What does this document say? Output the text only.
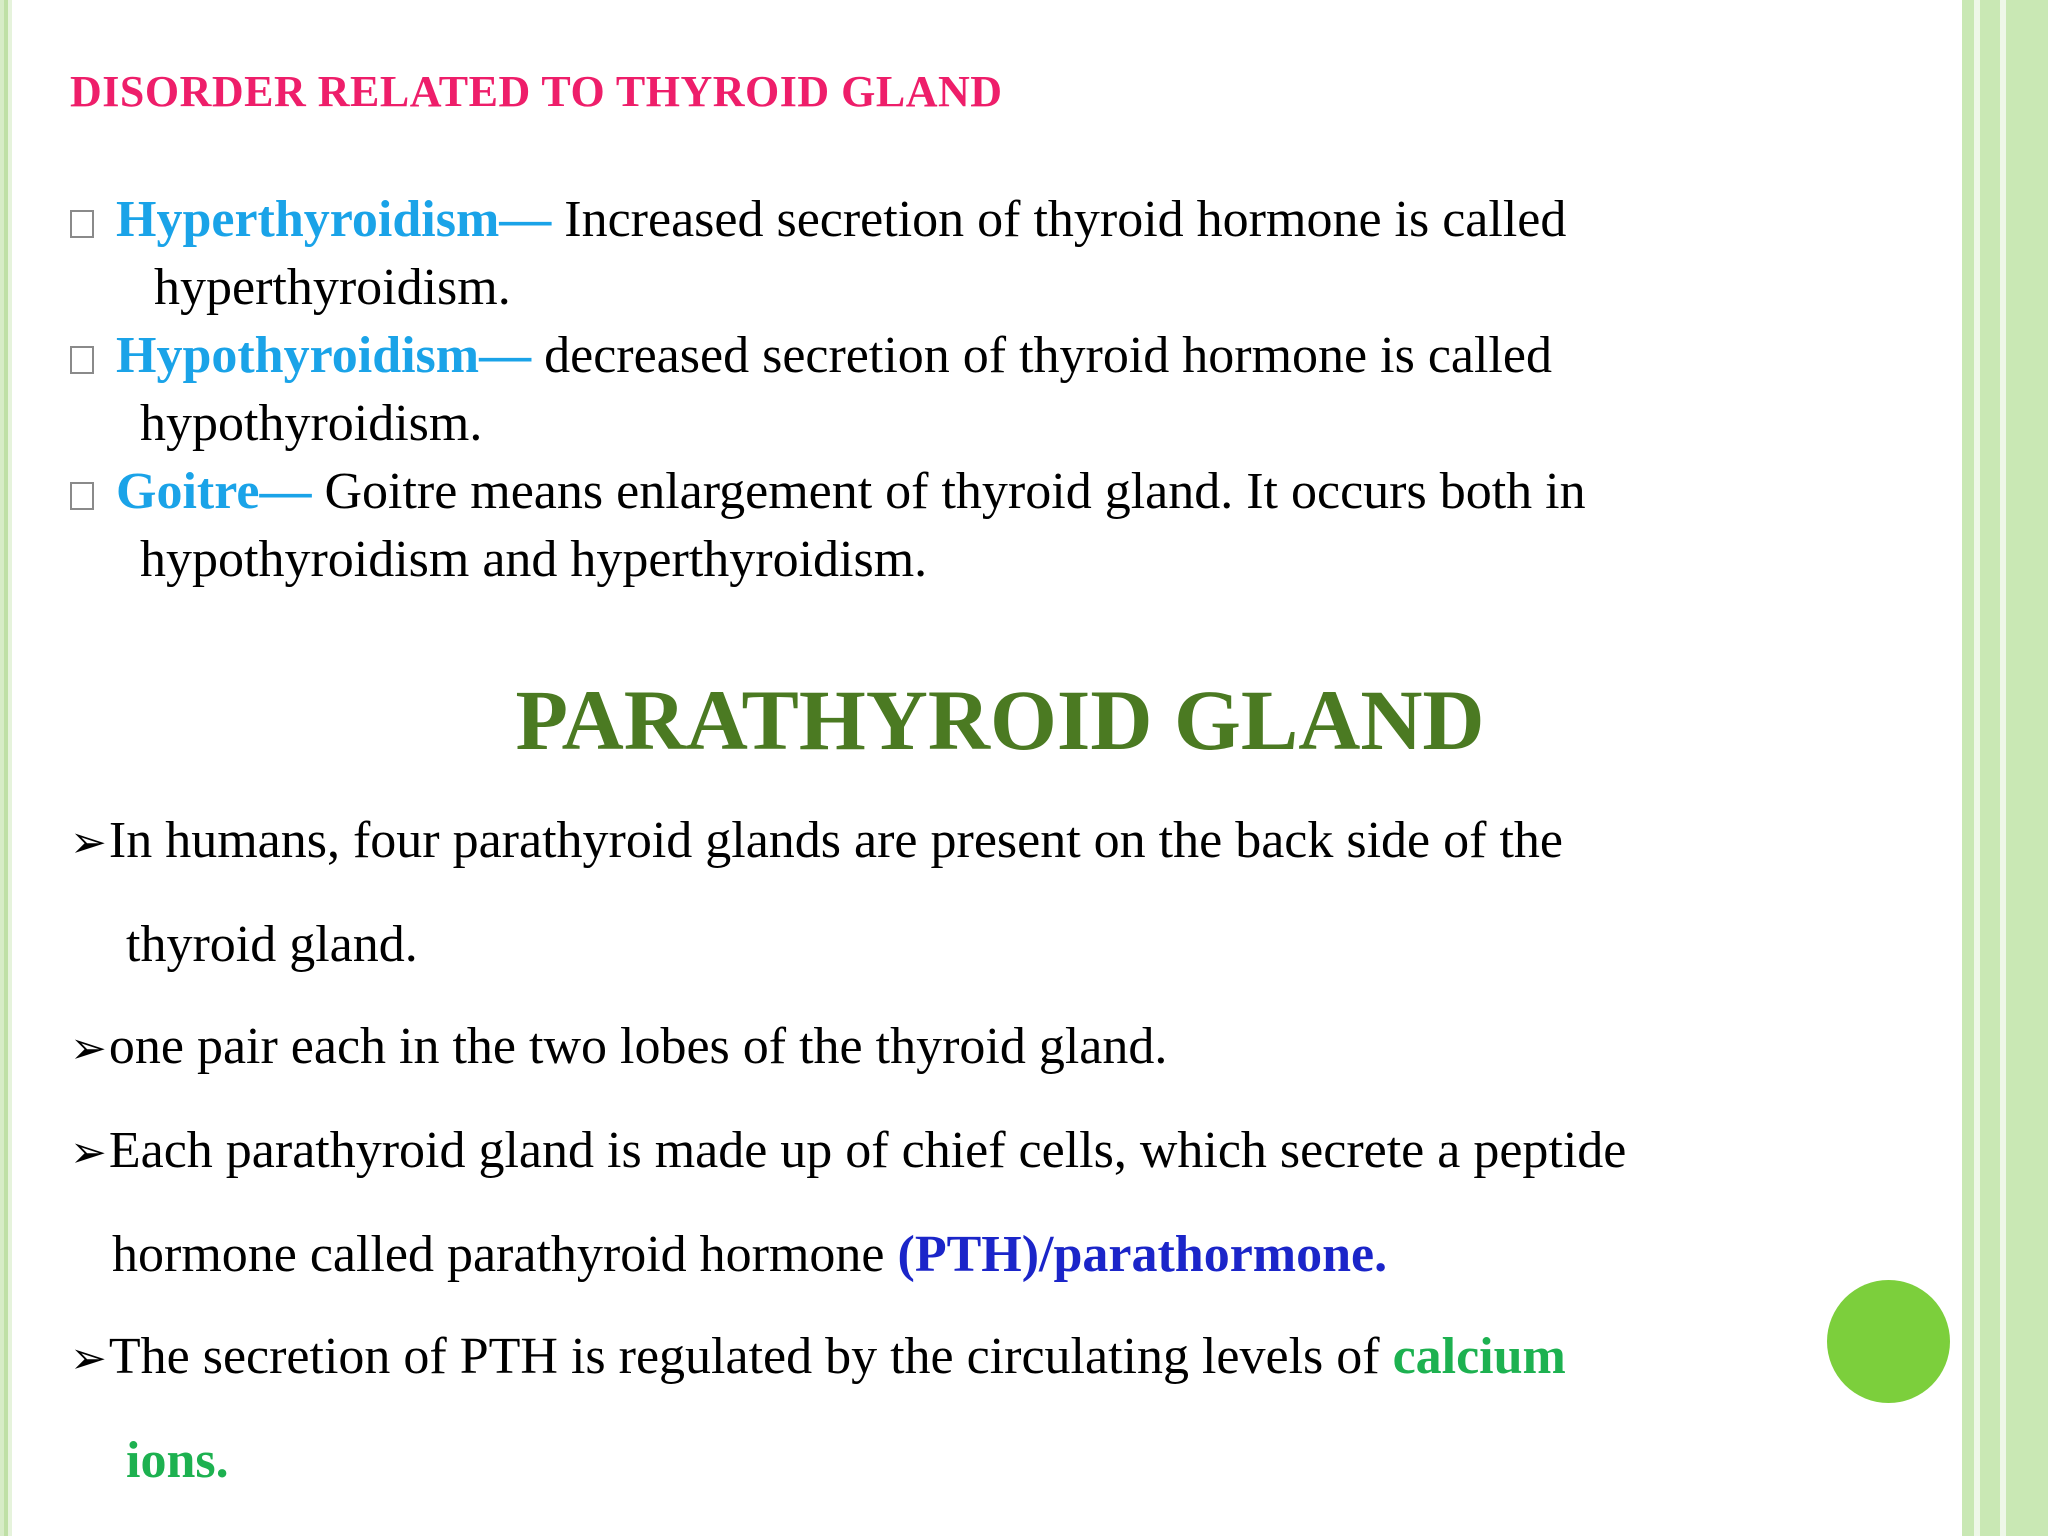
DISORDER RELATED TO THYROID GLAND
Hyperthyroidism— Increased secretion of thyroid hormone is called
hyperthyroidism.
Hypothyroidism— decreased secretion of thyroid hormone is called
hypothyroidism.
Goitre— Goitre means enlargement of thyroid gland. It occurs both in
hypothyroidism and hyperthyroidism.
PARATHYROID GLAND
➢In humans, four parathyroid glands are present on the back side of the
thyroid gland.
➢one pair each in the two lobes of the thyroid gland.
➢Each parathyroid gland is made up of chief cells, which secrete a peptide
hormone called parathyroid hormone (PTH)/parathormone.
➢The secretion of PTH is regulated by the circulating levels of calcium
ions.
